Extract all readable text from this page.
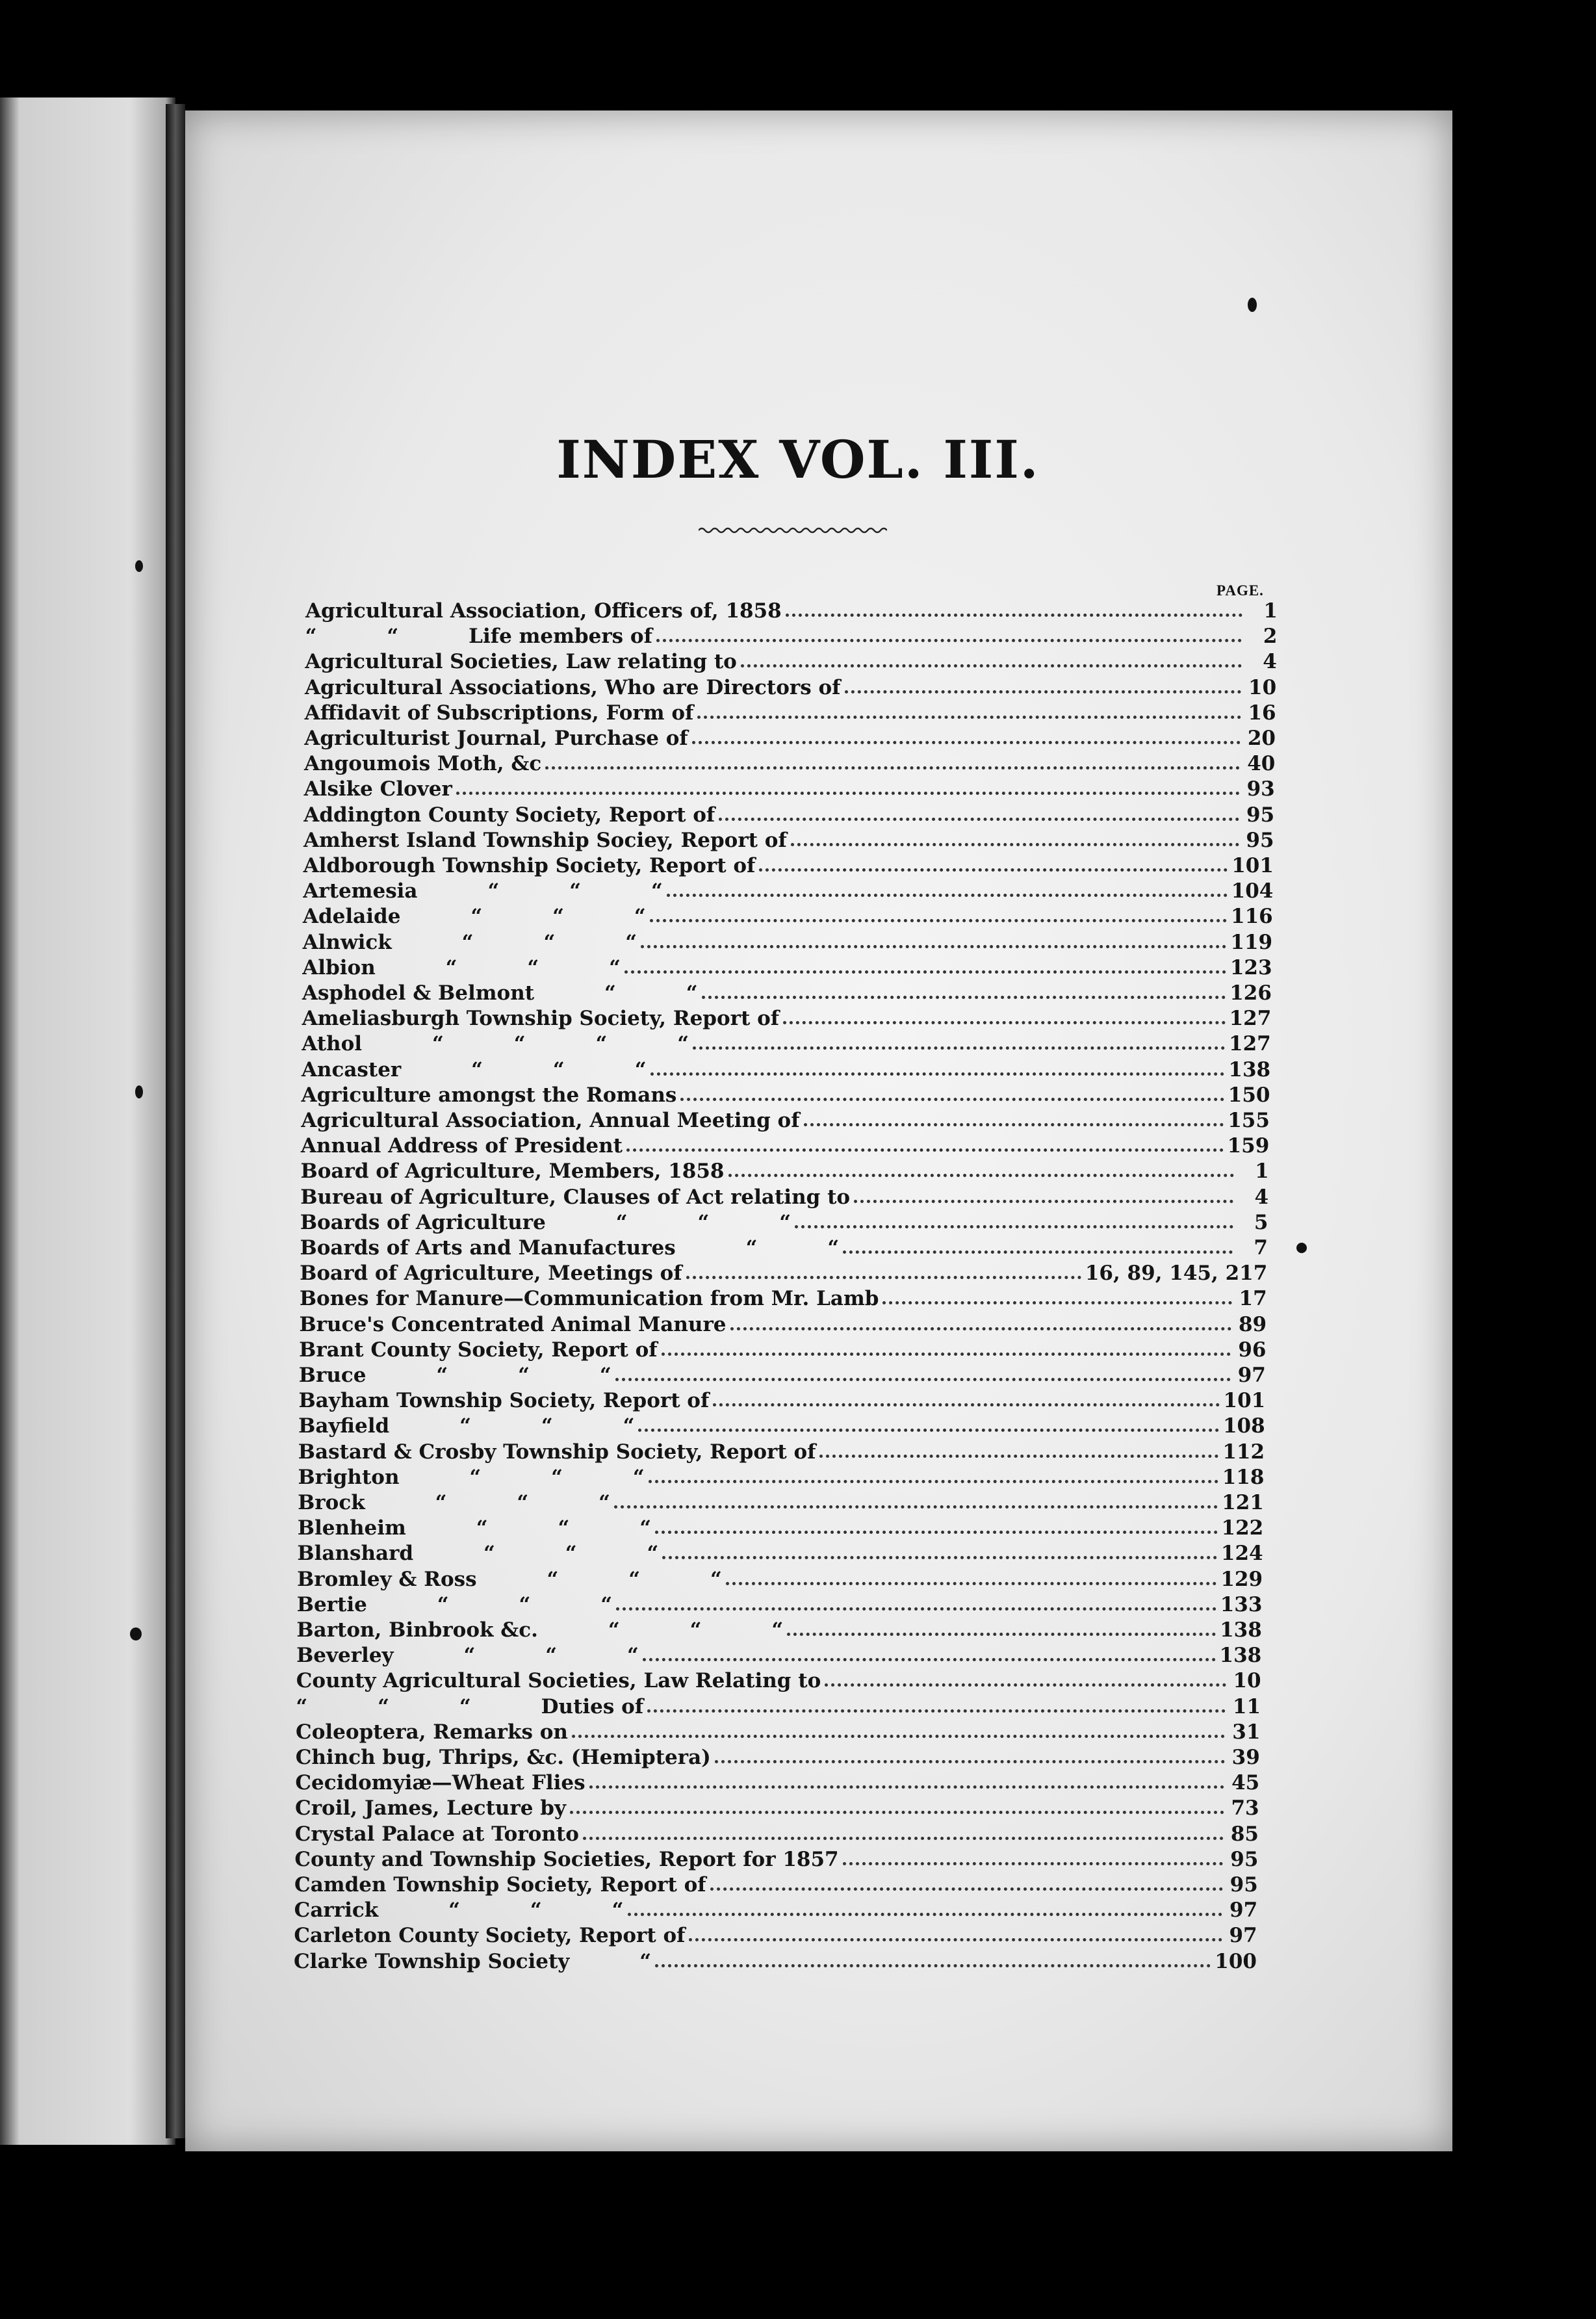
INDEX VOL. III.
PAGE.
Agricultural Association, Officers of, 1858	1
“          “          Life members of	2
Agricultural Societies, Law relating to	4
Agricultural Associations, Who are Directors of	10
Affidavit of Subscriptions, Form of	16
Agriculturist Journal, Purchase of	20
Angoumois Moth, &c	40
Alsike Clover	93
Addington County Society, Report of	95
Amherst Island Township Sociey, Report of	95
Aldborough Township Society, Report of	101
Artemesia          “          “          “	104
Adelaide          “          “          “	116
Alnwick          “          “          “	119
Albion          “          “          “	123
Asphodel & Belmont          “          “	126
Ameliasburgh Township Society, Report of	127
Athol          “          “          “          “	127
Ancaster          “          “          “	138
Agriculture amongst the Romans	150
Agricultural Association, Annual Meeting of	155
Annual Address of President	159
Board of Agriculture, Members, 1858	1
Bureau of Agriculture, Clauses of Act relating to	4
Boards of Agriculture          “          “          “	5
Boards of Arts and Manufactures          “          “	7
Board of Agriculture, Meetings of	16, 89, 145, 217
Bones for Manure—Communication from Mr. Lamb	17
Bruce's Concentrated Animal Manure	89
Brant County Society, Report of	96
Bruce          “          “          “	97
Bayham Township Society, Report of	101
Bayfield          “          “          “	108
Bastard & Crosby Township Society, Report of	112
Brighton          “          “          “	118
Brock          “          “          “	121
Blenheim          “          “          “	122
Blanshard          “          “          “	124
Bromley & Ross          “          “          “	129
Bertie          “          “          “	133
Barton, Binbrook &c.          “          “          “	138
Beverley          “          “          “	138
County Agricultural Societies, Law Relating to	10
“          “          “          Duties of	11
Coleoptera, Remarks on	31
Chinch bug, Thrips, &c. (Hemiptera)	39
Cecidomyiæ—Wheat Flies	45
Croil, James, Lecture by	73
Crystal Palace at Toronto	85
County and Township Societies, Report for 1857	95
Camden Township Society, Report of	95
Carrick          “          “          “	97
Carleton County Society, Report of	97
Clarke Township Society          “	100
